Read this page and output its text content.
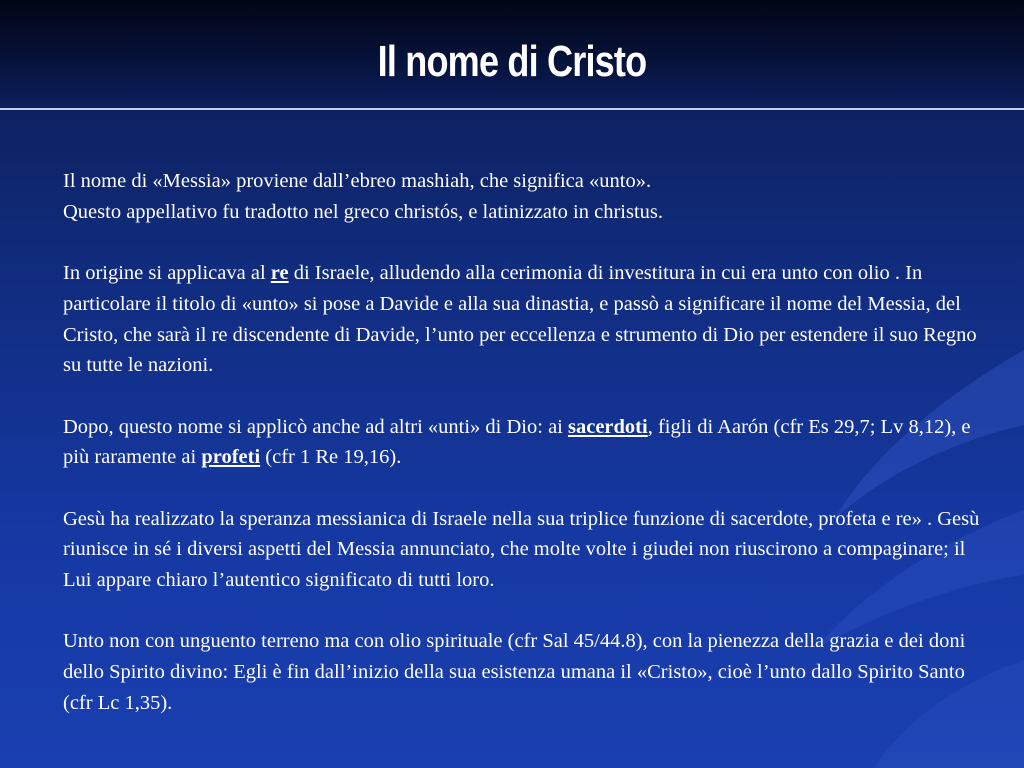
Il nome di Cristo

Il nome di «Messia» proviene dall’ebreo mashiah, che significa «unto».
Questo appellativo fu tradotto nel greco christós, e latinizzato in christus.

In origine si applicava al re di Israele, alludendo alla cerimonia di investitura in cui era unto con olio . In particolare il titolo di «unto» si pose a Davide e alla sua dinastia, e passò a significare il nome del Messia, del Cristo, che sarà il re discendente di Davide, l’unto per eccellenza e strumento di Dio per estendere il suo Regno su tutte le nazioni.

Dopo, questo nome si applicò anche ad altri «unti» di Dio: ai sacerdoti, figli di Aarón (cfr Es 29,7; Lv 8,12), e più raramente ai profeti (cfr 1 Re 19,16).

Gesù ha realizzato la speranza messianica di Israele nella sua triplice funzione di sacerdote, profeta e re» . Gesù riunisce in sé i diversi aspetti del Messia annunciato, che molte volte i giudei non riuscirono a compaginare; il Lui appare chiaro l’autentico significato di tutti loro.

Unto non con unguento terreno ma con olio spirituale (cfr Sal 45/44.8), con la pienezza della grazia e dei doni dello Spirito divino: Egli è fin dall’inizio della sua esistenza umana il «Cristo», cioè l’unto dallo Spirito Santo (cfr Lc 1,35).
